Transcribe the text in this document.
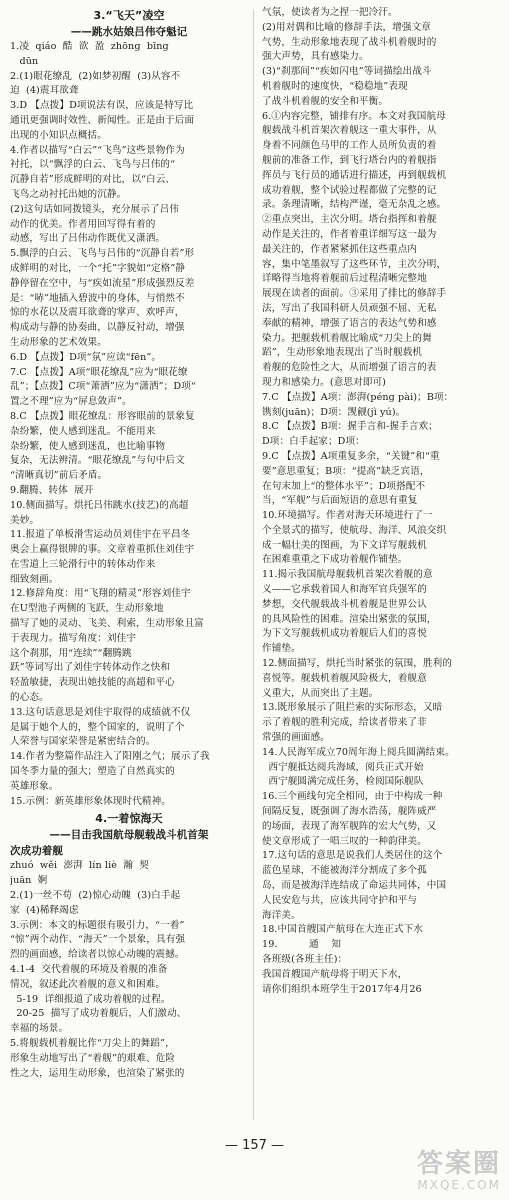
3.“飞天”凌空
——跳水姑娘吕伟夺魁记
1.凌  qiáo  酷  欲  盈  zhōng  bīng
dūn
2.(1)眼花缭乱  (2)如梦初醒  (3)从容不
迫  (4)震耳欲聋
3.D 【点拨】D项说法有误，应该是特写比
通讯更强调时效性、新闻性。正是由于后面
出现的小知识点概括。
4.作者以描写“白云”“飞鸟”这些景物作为
衬托，以“飘浮的白云、飞鸟与吕伟的“
沉静自若”形成鲜明的对比，以“白云、
飞鸟之动衬托出她的沉静。
(2)这句话如同拨镜头，充分展示了吕伟
动作的优美。作者用回写得有着的
动感，写出了吕伟动作既优又潇洒。
5.飘浮的白云、飞鸟与吕伟的“沉静自若”形
成鲜明的对比，一个“托”字貌如“定格”静
静停留在空中，与“疾如流星”形成强烈反差
是：“哧”地插入碧波中的身体，与悄然不
惊的水花以及震耳欲聋的掌声、欢呼声，
构成动与静的协奏曲，以静反衬动，增强
生动形象的艺术效果。
6.D 【点拨】D项“氛”应读“fēn”。
7.C 【点拨】A项“眼花缭乱”应为“眼花缭
乱”；【点拨】C项“萧洒”应为“潇洒”；D项“
置之不理”应为“屏息敛声”。
8.C 【点拨】眼花缭乱：形容眼前的景象复
杂纷繁，使人感到迷乱。不能用来
杂纷繁，使人感到迷乱，也比喻事物
复杂，无法辨清。“眼花缭乱”与句中后文
“清晰真切”前后矛盾。
9.翻腾、转体  展开
10.侧面描写。烘托吕伟跳水(技艺)的高超
美妙。
11.报道了单板滑雪运动员刘佳宇在平昌冬
奥会上赢得银牌的事。文章着重抓住刘佳宇
在雪道上三轮滑行中的转体动作来
细致刻画。
12.修辞角度：用“飞翔的精灵”形容刘佳宇
在U型池子两侧的飞跃，生动形象地
描写了她的灵动、飞美、利索，生动形象且富
于表现力。描写角度：刘佳宇
这个刹那，用“连续”“翻腾跳
跃”等词写出了刘佳宇转体动作之快和
轻盈敏捷，表现出她技能的高超和平心
的心态。
13.这句话意思是刘佳宇取得的成绩就不仅
是属于她个人的，整个国家的，说明了个
人荣誉与国家荣誉是紧密结合的。
14.作者为整篇作品注入了阳刚之气；展示了我
国冬季力量的强大；塑造了自然真实的
英雄形象。
15.示例：新英雄形象体现时代精神。
4.一着惊海天
——目击我国航母舰载战斗机首架
次成功着舰
zhuó  wěi  澎湃  lín liè  瀚  契
juān  婀
2.(1)一丝不苟  (2)惊心动魄  (3)白手起
家  (4)稀释竭虑
3.示例：本文的标题很有吸引力，“一着”
“惊”两个动作、“海天”一个景象，具有强
烈的画面感，给读者以惊心动魄的震撼。
4.1-4  交代着舰的环境及着舰的准备
情况，叙述此次着舰的意义和困难。
5-19  详细报道了成功着舰的过程。
20-25  描写了成功着舰后，人们激动、
幸福的场景。
5.将舰载机着舰比作“刀尖上的舞蹈”，
形象生动地写出了“着舰”的艰难、危险
性之大，运用生动形象，也渲染了紧张的
气氛，使读者为之捏一把冷汗。
(2)用对偶和比喻的修辞手法，增强文章
气势，生动形象地表现了战斗机着舰时的
强大声势，具有感染力。
(3)“刹那间”“疾如闪电”等词描绘出战斗
机着舰时的速度快，“稳稳地”表现
了战斗机着舰的安全和平衡。
6.①内容完整，铺排有序。本文对我国航母
舰载战斗机首架次着舰这一重大事件，从
身着不同颜色马甲的工作人员所负责的着
舰前的准备工作，到飞行塔台内的着舰指
挥员与飞行员的通话进行描述，再到舰载机
成功着舰，整个试验过程都做了完整的记
录。条理清晰，结构严谨，毫无杂乱之感。
②重点突出，主次分明。塔台指挥和着舰
动作是关注的，作者着重详细写这一最为
最关注的，作者紧紧抓住这些重点内
容，集中笔墨叙写了这些环节，主次分明，
详略得当地将着舰前后过程清晰完整地
展现在读者的面前。③采用了排比的修辞手
法，写出了我国科研人员顽强不屈、无私
奉献的精神，增强了语言的表达气势和感
染力。把舰载机着舰比喻成“刀尖上的舞
蹈”，生动形象地表现出了当时舰载机
着舰的危险性之大，从而增强了语言的表
现力和感染力。(意思对即可)
7.C 【点拨】A项：澎湃(péng pài)；B项：
镌刻(juān)；D项：觊觎(jì yú)。
8.C 【点拨】B项：握手言和-握手言欢；
D项：白手起家；D项：
9.C 【点拨】A项重复多余，“关键”和“重
要”意思重复；B项：“提高”缺乏宾语，
在句末加上“的整体水平”；D项搭配不
当，“军舰”与后面短语的意思有重复
10.环境描写。作者对海天环境进行了一
个全景式的描写，使航母、海洋、风浪交织
成一幅壮美的图画，为下文详写舰载机
在困难重重之下成功着舰作铺垫。
11.揭示我国航母舰载机首架次着舰的意
义——它承载着国人和海军官兵强军的
梦想，交代舰载战斗机着舰是世界公认
的具风险性的困难。渲染出紧张的氛围，
为下文写舰载机成功着舰后人们的喜悦
作铺垫。
12.侧面描写，烘托当时紧张的氛围，胜利的
喜悦等。舰载机着舰风险极大，着舰意
义重大，从而突出了主题。
13.既形象展示了阻拦索的实际形态，又暗
示了着舰的胜利完成，给读者带来了非
常强的画面感。
14.人民海军成立70周年海上阅兵圆满结束。
西宁舰抵达阅兵海域，阅兵正式开始
西宁舰圆满完成任务，检阅国际舰队
16.三个画线句完全相同，由于中构成一种
间隔反复，既强调了海水浩荡，舰阵威严
的场面，表现了海军舰阵的宏大气势，又
使文章形成了一唱三叹的一种韵律美。
17.这句话的意思是说我们人类居住的这个
蓝色星球，不能被海洋分割成了多个孤
岛，而是被海洋连结成了命运共同体，中国
人民安危与共，应该共同守护和平与
海洋美。
18.中国首艘国产航母在大连正式下水
19.          通    知
各班级(各班主任)：
我国首艘国产航母将于明天下水，
请你们组织本班学生于2017年4月26
— 157 —
答案圈
MXQE.COM
